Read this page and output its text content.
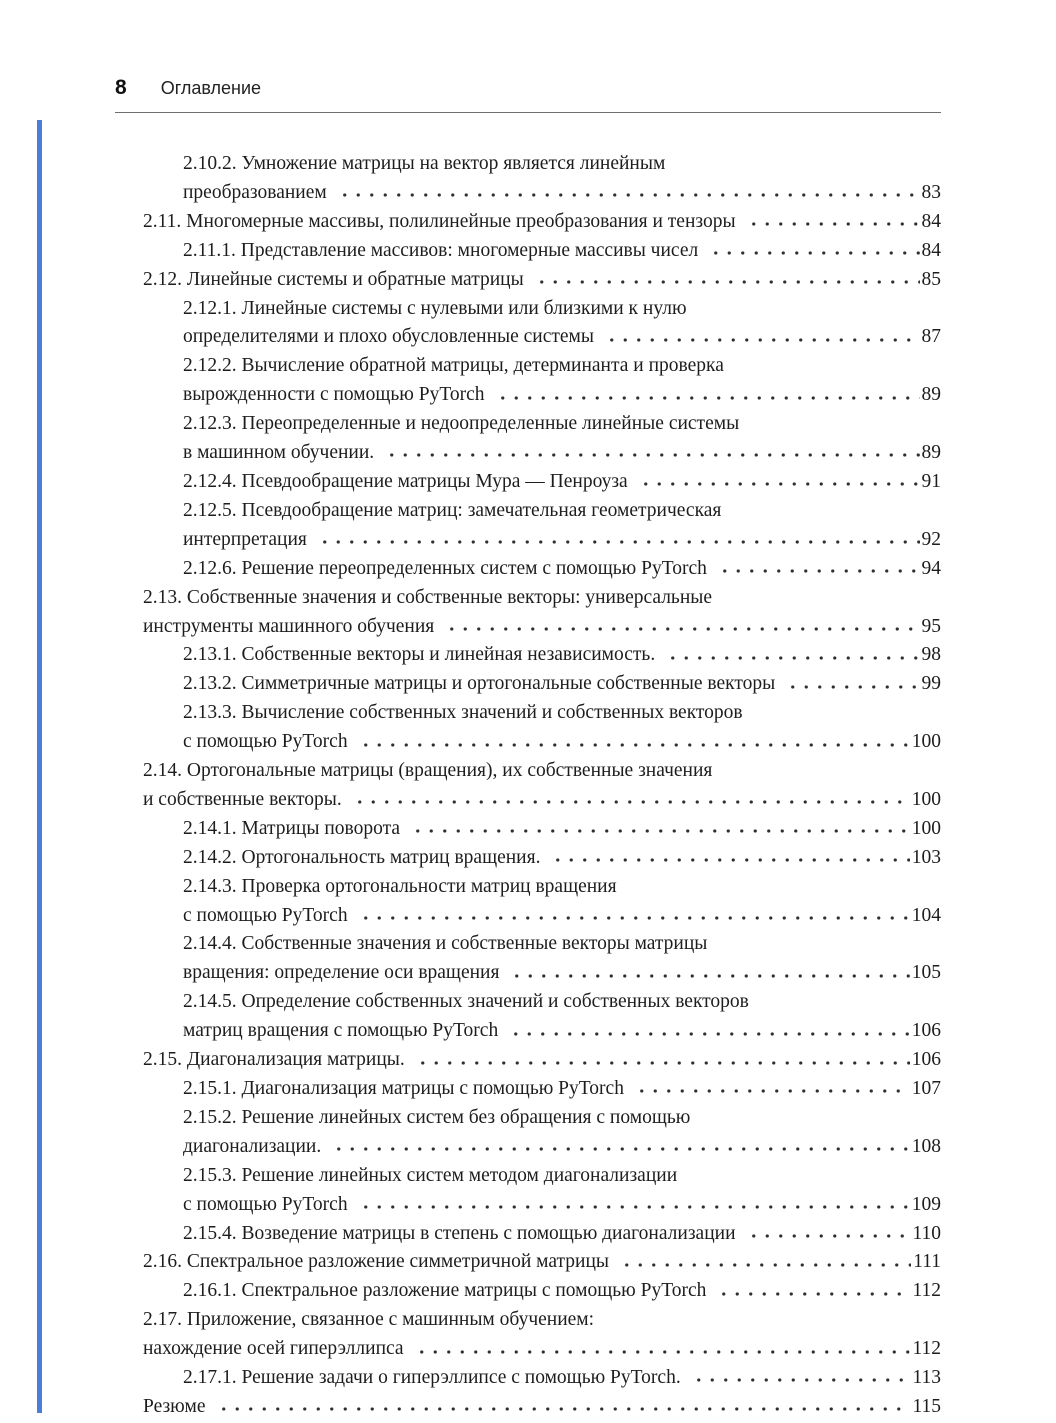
8 Оглавление
2.10.2. Умножение матрицы на вектор является линейным
преобразованием	83
2.11. Многомерные массивы, полилинейные преобразования и тензоры	84
2.11.1. Представление массивов: многомерные массивы чисел	84
2.12. Линейные системы и обратные матрицы	85
2.12.1. Линейные системы с нулевыми или близкими к нулю
определителями и плохо обусловленные системы	87
2.12.2. Вычисление обратной матрицы, детерминанта и проверка
вырожденности с помощью PyTorch	89
2.12.3. Переопределенные и недоопределенные линейные системы
в машинном обучении.	89
2.12.4. Псевдообращение матрицы Мура — Пенроуза	91
2.12.5. Псевдообращение матриц: замечательная геометрическая
интерпретация	92
2.12.6. Решение переопределенных систем с помощью PyTorch	94
2.13. Собственные значения и собственные векторы: универсальные
инструменты машинного обучения	95
2.13.1. Собственные векторы и линейная независимость.	98
2.13.2. Симметричные матрицы и ортогональные собственные векторы	99
2.13.3. Вычисление собственных значений и собственных векторов
с помощью PyTorch	100
2.14. Ортогональные матрицы (вращения), их собственные значения
и собственные векторы.	100
2.14.1. Матрицы поворота	100
2.14.2. Ортогональность матриц вращения.	103
2.14.3. Проверка ортогональности матриц вращения
с помощью PyTorch	104
2.14.4. Собственные значения и собственные векторы матрицы
вращения: определение оси вращения	105
2.14.5. Определение собственных значений и собственных векторов
матриц вращения с помощью PyTorch	106
2.15. Диагонализация матрицы.	106
2.15.1. Диагонализация матрицы с помощью PyTorch	107
2.15.2. Решение линейных систем без обращения с помощью
диагонализации.	108
2.15.3. Решение линейных систем методом диагонализации
с помощью PyTorch	109
2.15.4. Возведение матрицы в степень с помощью диагонализации	110
2.16. Спектральное разложение симметричной матрицы	111
2.16.1. Спектральное разложение матрицы с помощью PyTorch	112
2.17. Приложение, связанное с машинным обучением:
нахождение осей гиперэллипса	112
2.17.1. Решение задачи о гиперэллипсе с помощью PyTorch.	113
Резюме	115
